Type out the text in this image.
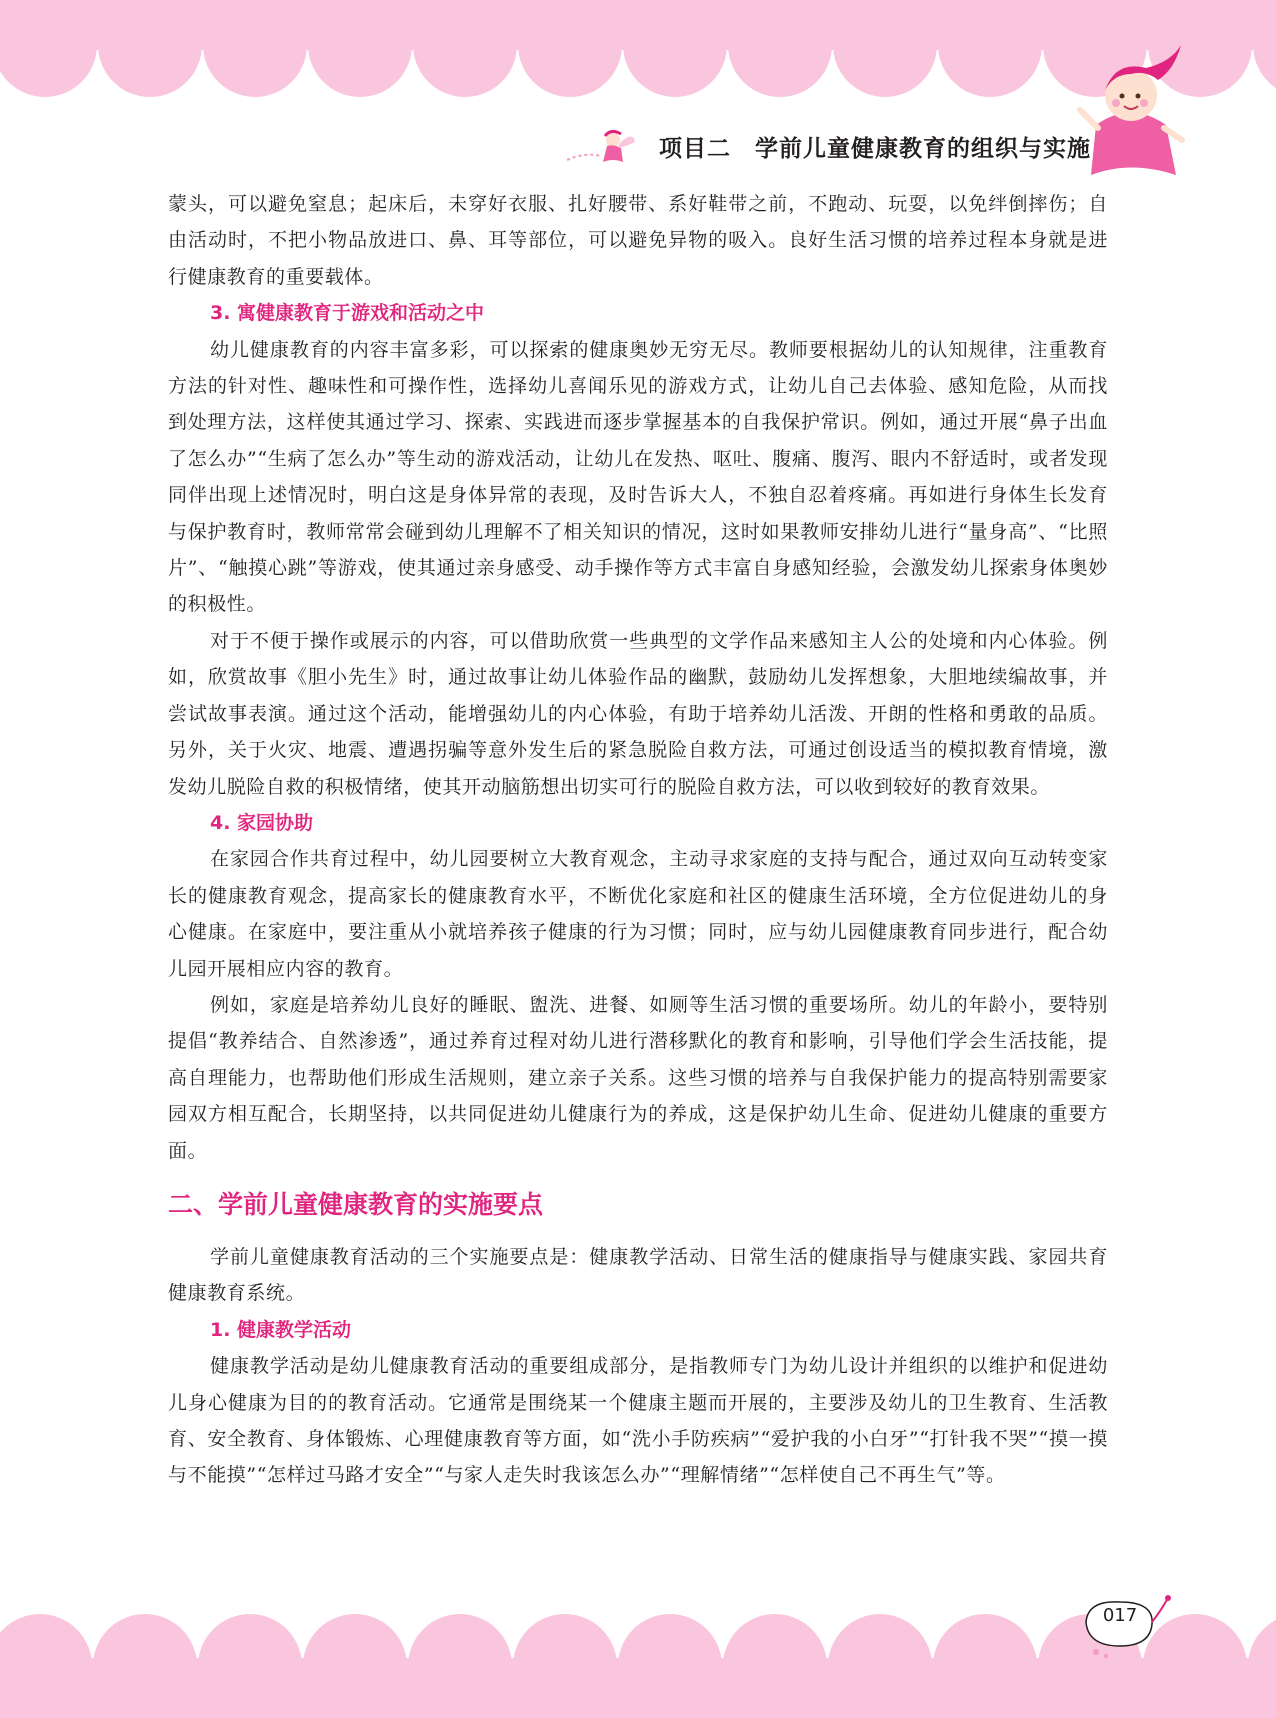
项目二　学前儿童健康教育的组织与实施

蒙头，可以避免窒息；起床后，未穿好衣服、扎好腰带、系好鞋带之前，不跑动、玩耍，以免绊倒摔伤；自由活动时，不把小物品放进口、鼻、耳等部位，可以避免异物的吸入。良好生活习惯的培养过程本身就是进行健康教育的重要载体。

3. 寓健康教育于游戏和活动之中

幼儿健康教育的内容丰富多彩，可以探索的健康奥妙无穷无尽。教师要根据幼儿的认知规律，注重教育方法的针对性、趣味性和可操作性，选择幼儿喜闻乐见的游戏方式，让幼儿自己去体验、感知危险，从而找到处理方法，这样使其通过学习、探索、实践进而逐步掌握基本的自我保护常识。例如，通过开展“鼻子出血了怎么办”“生病了怎么办”等生动的游戏活动，让幼儿在发热、呕吐、腹痛、腹泻、眼内不舒适时，或者发现同伴出现上述情况时，明白这是身体异常的表现，及时告诉大人，不独自忍着疼痛。再如进行身体生长发育与保护教育时，教师常常会碰到幼儿理解不了相关知识的情况，这时如果教师安排幼儿进行“量身高”、“比照片”、“触摸心跳”等游戏，使其通过亲身感受、动手操作等方式丰富自身感知经验，会激发幼儿探索身体奥妙的积极性。

对于不便于操作或展示的内容，可以借助欣赏一些典型的文学作品来感知主人公的处境和内心体验。例如，欣赏故事《胆小先生》时，通过故事让幼儿体验作品的幽默，鼓励幼儿发挥想象，大胆地续编故事，并尝试故事表演。通过这个活动，能增强幼儿的内心体验，有助于培养幼儿活泼、开朗的性格和勇敢的品质。另外，关于火灾、地震、遭遇拐骗等意外发生后的紧急脱险自救方法，可通过创设适当的模拟教育情境，激发幼儿脱险自救的积极情绪，使其开动脑筋想出切实可行的脱险自救方法，可以收到较好的教育效果。

4. 家园协助

在家园合作共育过程中，幼儿园要树立大教育观念，主动寻求家庭的支持与配合，通过双向互动转变家长的健康教育观念，提高家长的健康教育水平，不断优化家庭和社区的健康生活环境，全方位促进幼儿的身心健康。在家庭中，要注重从小就培养孩子健康的行为习惯；同时，应与幼儿园健康教育同步进行，配合幼儿园开展相应内容的教育。

例如，家庭是培养幼儿良好的睡眠、盥洗、进餐、如厕等生活习惯的重要场所。幼儿的年龄小，要特别提倡“教养结合、自然渗透”，通过养育过程对幼儿进行潜移默化的教育和影响，引导他们学会生活技能，提高自理能力，也帮助他们形成生活规则，建立亲子关系。这些习惯的培养与自我保护能力的提高特别需要家园双方相互配合，长期坚持，以共同促进幼儿健康行为的养成，这是保护幼儿生命、促进幼儿健康的重要方面。

二、学前儿童健康教育的实施要点

学前儿童健康教育活动的三个实施要点是：健康教学活动、日常生活的健康指导与健康实践、家园共育健康教育系统。

1. 健康教学活动

健康教学活动是幼儿健康教育活动的重要组成部分，是指教师专门为幼儿设计并组织的以维护和促进幼儿身心健康为目的的教育活动。它通常是围绕某一个健康主题而开展的，主要涉及幼儿的卫生教育、生活教育、安全教育、身体锻炼、心理健康教育等方面，如“洗小手防疾病”“爱护我的小白牙”“打针我不哭”“摸一摸与不能摸”“怎样过马路才安全”“与家人走失时我该怎么办”“理解情绪”“怎样使自己不再生气”等。

017
